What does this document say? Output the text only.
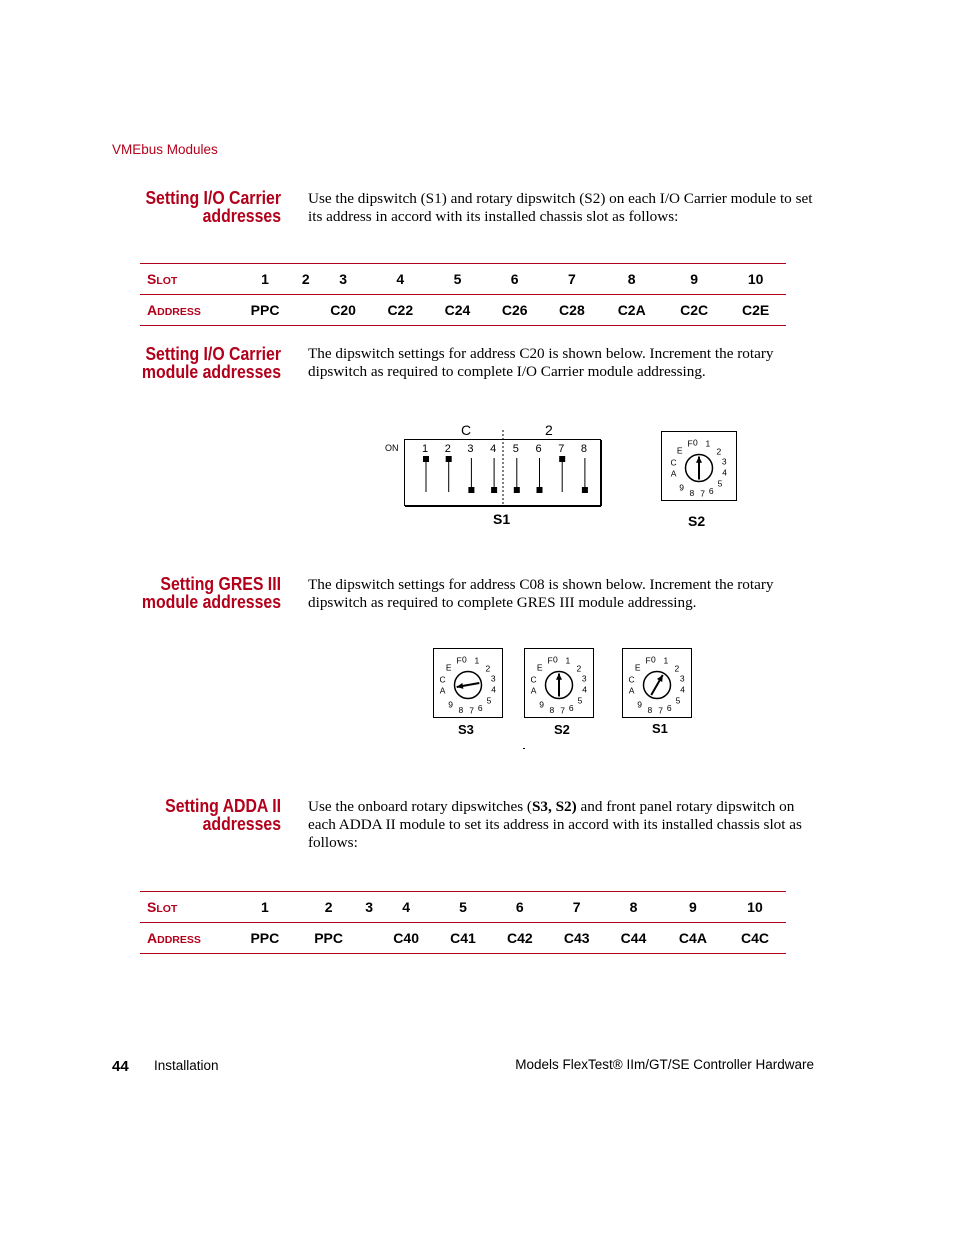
VMEbus Modules
Setting I/O Carrier
addresses
Use the dipswitch (S1) and rotary dipswitch (S2) on each I/O Carrier module to set its address in accord with its installed chassis slot as follows:
SLOT	1	2	3	4	5	6	7	8	9	10
ADDRESS	PPC		C20	C22	C24	C26	C28	C2A	C2C	C2E
Setting I/O Carrier
module addresses
The dipswitch settings for address C20 is shown below. Increment the rotary dipswitch as required to complete I/O Carrier module addressing.
C	2
ON 1 2 3 4 5 6 7 8
S1
0 1
2
3
4
5
6
7
8
9
A
C
E
F
S2
Setting GRES III
module addresses
The dipswitch settings for address C08 is shown below. Increment the rotary dipswitch as required to complete GRES III module addressing.
0 1
2
3
4
5
6
7
8
9
A
C
E
F
S3
0 1
2
3
4
5
6
7
8
9
A
C
E
F
S2
0 1
2
3
4
5
6
7
8
9
A
C
E
F
S1
Setting ADDA II
addresses
Use the onboard rotary dipswitches (S3, S2) and front panel rotary dipswitch on each ADDA II module to set its address in accord with its installed chassis slot as follows:
SLOT	1	2	3	4	5	6	7	8	9	10
ADDRESS	PPC	PPC		C40	C41	C42	C43	C44	C4A	C4C
44 Installation	Models FlexTest® IIm/GT/SE Controller Hardware
